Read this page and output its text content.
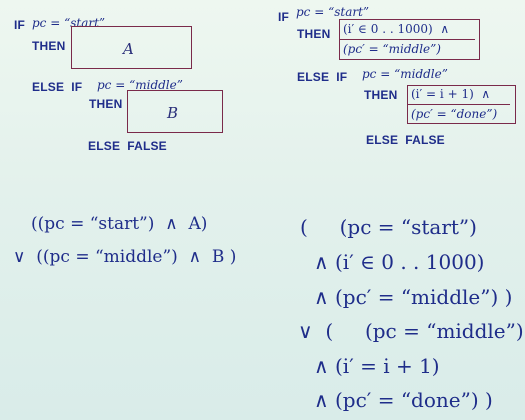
IF pc = “start”
THEN	A
ELSE  IF pc = “middle”
THEN	B
ELSE  FALSE
IF pc = “start”
THEN (i′ ∈ 0 . . 1000)  ∧
(pc′ = “middle”)
ELSE  IF pc = “middle”
THEN (i′ = i + 1)  ∧
(pc′ = “done”)
ELSE  FALSE
((pc = “start”)  ∧  A)
∨  ((pc = “middle”)  ∧  B )
(     (pc = “start”)
∧ (i′ ∈ 0 . . 1000)
∧ (pc′ = “middle”) )
∨  (     (pc = “middle”)
∧ (i′ = i + 1)
∧ (pc′ = “done”) )
